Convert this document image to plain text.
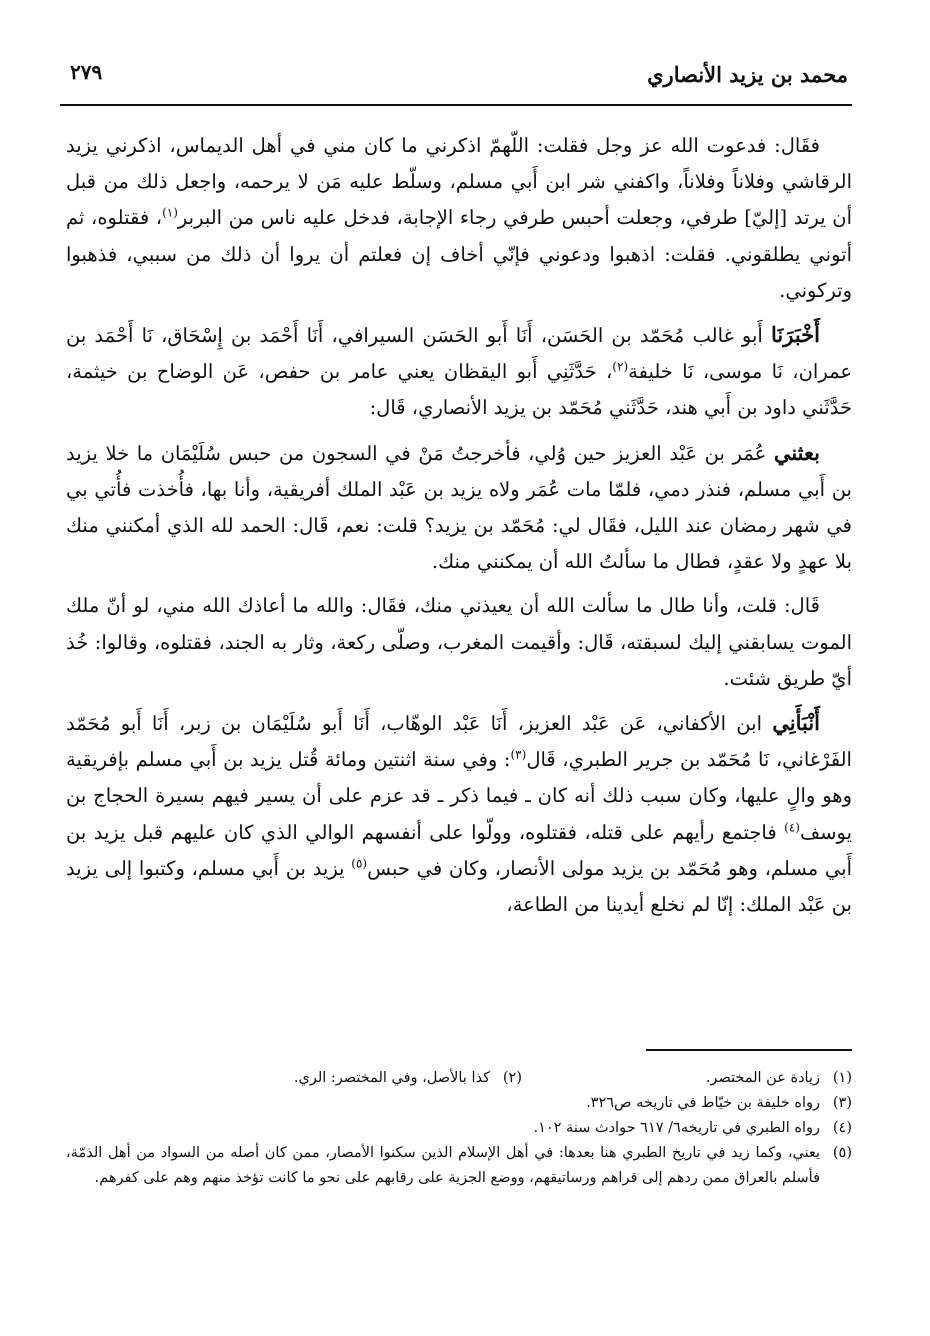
محمد بن يزيد الأنصاري
٢٧٩

فقَال: فدعوت الله عز وجل فقلت: اللّهمّ اذكرني ما كان مني في أهل الديماس، اذكرني يزيد الرقاشي وفلاناً وفلاناً، واكفني شر ابن أَبي مسلم، وسلّط عليه مَن لا يرحمه، واجعل ذلك من قبل أن يرتد [إليّ] طرفي، وجعلت أحبس طرفي رجاء الإجابة، فدخل عليه ناس من البربر$^{(١)}$، فقتلوه، ثم أتوني يطلقوني. فقلت: اذهبوا ودعوني فإنّي أخاف إن فعلتم أن يروا أن ذلك من سببي، فذهبوا وتركوني.

أَخْبَرَنَا أَبو غالب مُحَمّد بن الحَسَن، أَنَا أَبو الحَسَن السيرافي، أَنَا أَحْمَد بن إِسْحَاق، نَا أَحْمَد بن عمران، نَا موسى، نَا خليفة$^{(٢)}$، حَدَّثَنِي أَبو اليقظان يعني عامر بن حفص، عَن الوضاح بن خيثمة، حَدَّثَني داود بن أَبي هند، حَدَّثَني مُحَمّد بن يزيد الأنصاري، قَال:

بعثني عُمَر بن عَبْد العزيز حين وُلي، فأخرجتُ مَنْ في السجون من حبس سُلَيْمَان ما خلا يزيد بن أَبي مسلم، فنذر دمي، فلمّا مات عُمَر ولاه يزيد بن عَبْد الملك أفريقية، وأنا بها، فأُخذت فأُتي بي في شهر رمضان عند الليل، فقَال لي: مُحَمّد بن يزيد؟ قلت: نعم، قَال: الحمد لله الذي أمكنني منك بلا عهدٍ ولا عقدٍ، فطال ما سألتُ الله أن يمكنني منك.

قَال: قلت، وأنا طال ما سألت الله أن يعيذني منك، فقَال: والله ما أعاذك الله مني، لو أنّ ملك الموت يسابقني إليك لسبقته، قَال: وأقيمت المغرب، وصلّى ركعة، وثار به الجند، فقتلوه، وقالوا: خُذ أيّ طريق شئت.

أَنْبَأَنِي ابن الأكفاني، عَن عَبْد العزيز، أَنَا عَبْد الوهّاب، أَنَا أَبو سُلَيْمَان بن زبر، أَنَا أَبو مُحَمّد الفَرْغاني، نَا مُحَمّد بن جرير الطبري، قَال$^{(٣)}$: وفي سنة اثنتين ومائة قُتل يزيد بن أَبي مسلم بإفريقية وهو والٍ عليها، وكان سبب ذلك أنه كان ـ فيما ذكر ـ قد عزم على أن يسير فيهم بسيرة الحجاج بن يوسف$^{(٤)}$ فاجتمع رأيهم على قتله، فقتلوه، وولّوا على أنفسهم الوالي الذي كان عليهم قبل يزيد بن أَبي مسلم، وهو مُحَمّد بن يزيد مولى الأنصار، وكان في حبس$^{(٥)}$ يزيد بن أَبي مسلم، وكتبوا إلى يزيد بن عَبْد الملك: إنّا لم نخلع أيدينا من الطاعة،

(١)
زيادة عن المختصر.
(٢)
كذا بالأصل، وفي المختصر: الري.
(٣)
رواه خليفة بن خيّاط في تاريخه ص٣٢٦.
(٤)
رواه الطبري في تاريخه٦/ ٦١٧ حوادث سنة ١٠٢.
(٥)
يعني، وكما زيد في تاريخ الطبري هنا بعدها: في أهل الإسلام الذين سكنوا الأمصار، ممن كان أصله من السواد من أهل الذمّة، فأسلم بالعراق ممن ردهم إلى قراهم ورساتيقهم، ووضع الجزية على رقابهم على نحو ما كانت تؤخذ منهم وهم على كفرهم.
